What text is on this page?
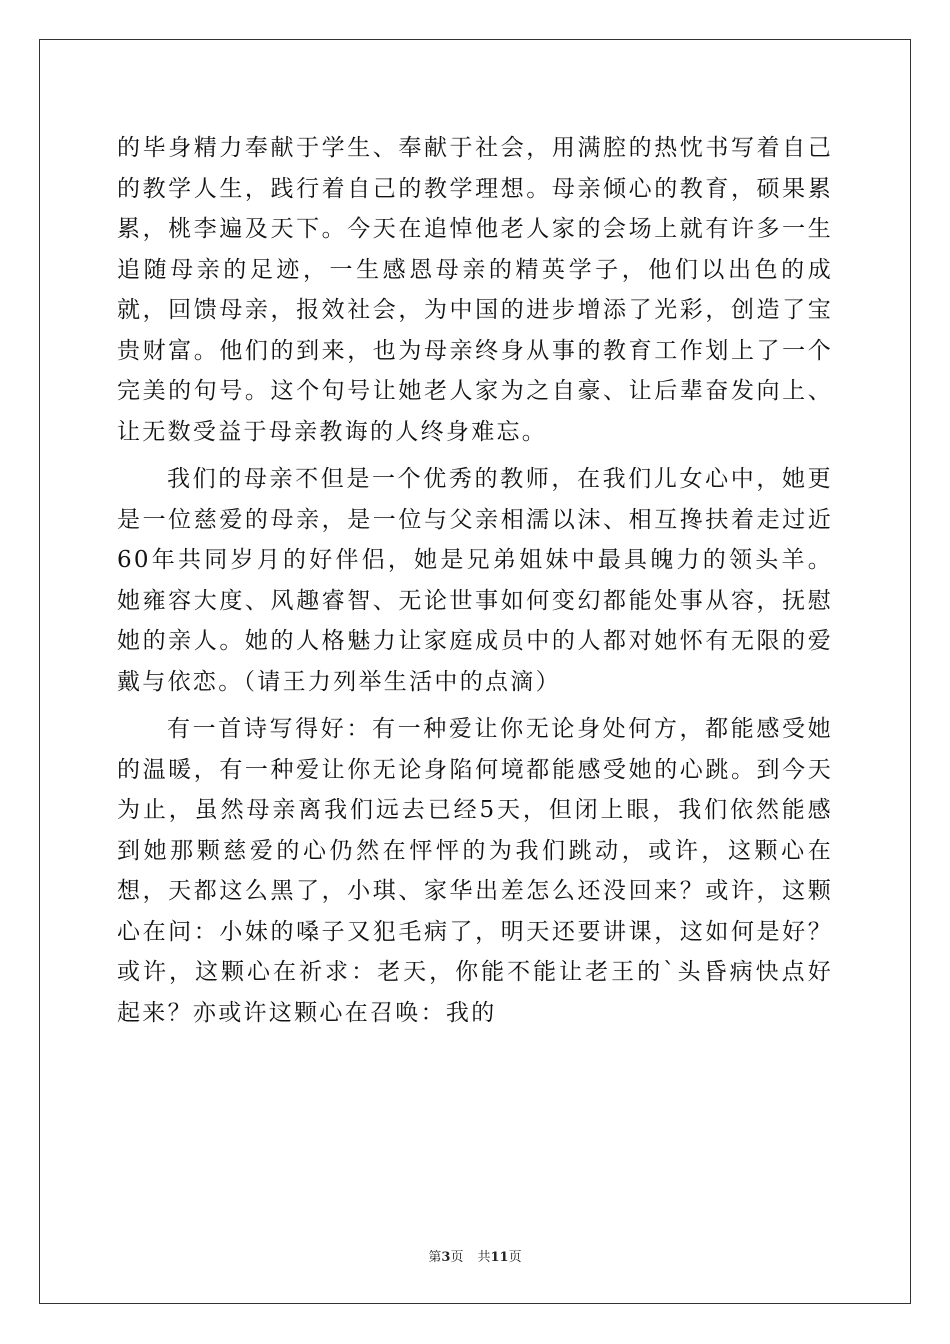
的毕身精力奉献于学生、奉献于社会，用满腔的热忱书写着自己的教学人生，践行着自己的教学理想。母亲倾心的教育，硕果累累，桃李遍及天下。今天在追悼他老人家的会场上就有许多一生追随母亲的足迹，一生感恩母亲的精英学子，他们以出色的成就，回馈母亲，报效社会，为中国的进步增添了光彩，创造了宝贵财富。他们的到来，也为母亲终身从事的教育工作划上了一个完美的句号。这个句号让她老人家为之自豪、让后辈奋发向上、让无数受益于母亲教诲的人终身难忘。

我们的母亲不但是一个优秀的教师，在我们儿女心中，她更是一位慈爱的母亲，是一位与父亲相濡以沫、相互搀扶着走过近60年共同岁月的好伴侣，她是兄弟姐妹中最具魄力的领头羊。她雍容大度、风趣睿智、无论世事如何变幻都能处事从容，抚慰她的亲人。她的人格魅力让家庭成员中的人都对她怀有无限的爱戴与依恋。（请王力列举生活中的点滴）

有一首诗写得好：有一种爱让你无论身处何方，都能感受她的温暖，有一种爱让你无论身陷何境都能感受她的心跳。到今天为止，虽然母亲离我们远去已经5天，但闭上眼，我们依然能感到她那颗慈爱的心仍然在怦怦的为我们跳动，或许，这颗心在想，天都这么黑了，小琪、家华出差怎么还没回来？或许，这颗心在问：小妹的嗓子又犯毛病了，明天还要讲课，这如何是好？或许，这颗心在祈求：老天，你能不能让老王的`头昏病快点好起来？亦或许这颗心在召唤：我的

第3页 共11页
